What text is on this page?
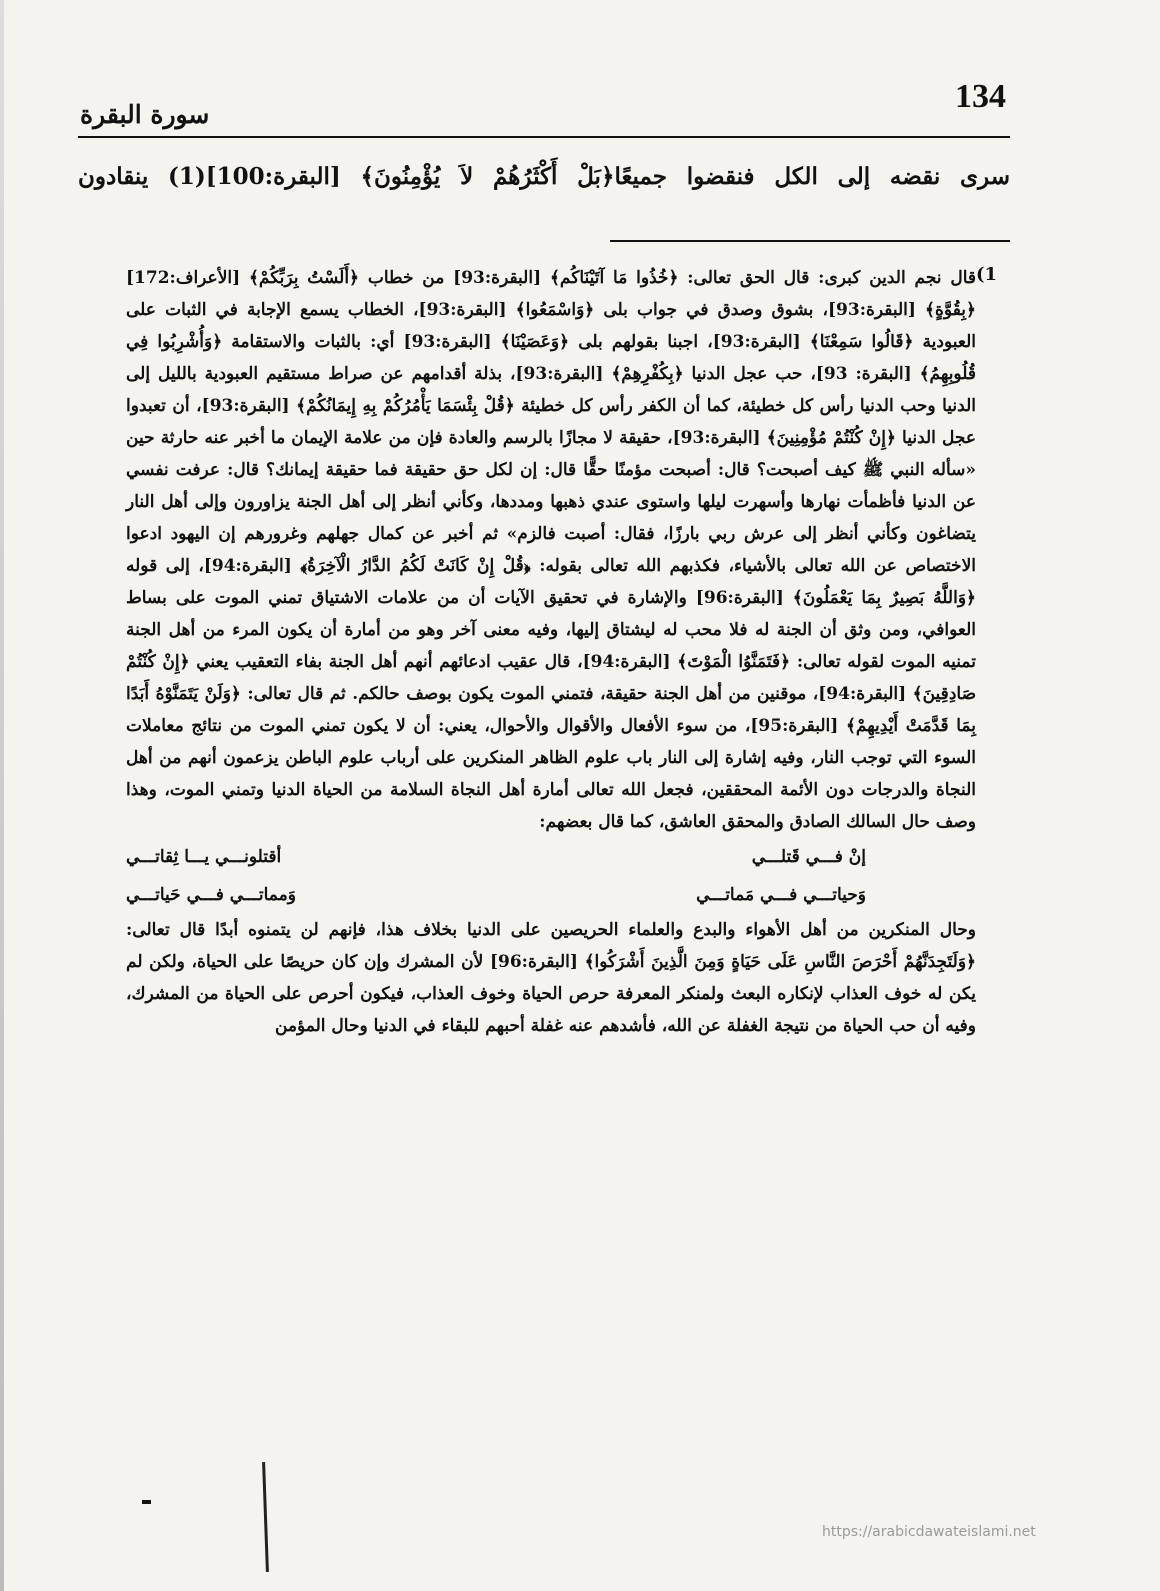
134
سورة البقرة
سرى نقضه إلى الكل فنقضوا جميعًا﴿بَلْ أَكْثَرُهُمْ لاَ يُؤْمِنُونَ﴾ [البقرة:100](1) ينقادون
(1

قال نجم الدين كبرى: قال الحق تعالى: ﴿خُذُوا مَا آتَيْنَاكُم﴾ [البقرة:93] من خطاب ﴿أَلَسْتُ بِرَبِّكُمْ﴾ [الأعراف:172] ﴿بِقُوَّةٍ﴾ [البقرة:93]، بشوق وصدق في جواب بلى ﴿وَاسْمَعُوا﴾ [البقرة:93]، الخطاب يسمع الإجابة في الثبات على العبودية ﴿قَالُوا سَمِعْنَا﴾ [البقرة:93]، اجبنا بقولهم بلى ﴿وَعَصَيْنَا﴾ [البقرة:93] أي: بالثبات والاستقامة ﴿وَأُشْرِبُوا فِي قُلُوبِهِمُ﴾ [البقرة: 93]، حب عجل الدنيا ﴿بِكُفْرِهِمْ﴾ [البقرة:93]، بذلة أقدامهم عن صراط مستقيم العبودية بالليل إلى الدنيا وحب الدنيا رأس كل خطيئة، كما أن الكفر رأس كل خطيئة ﴿قُلْ بِئْسَمَا يَأْمُرُكُمْ بِهِ إِيمَانُكُمْ﴾ [البقرة:93]، أن تعبدوا عجل الدنيا ﴿إِنْ كُنْتُمْ مُؤْمِنِينَ﴾ [البقرة:93]، حقيقة لا مجازًا بالرسم والعادة فإن من علامة الإيمان ما أخبر عنه حارثة حين «سأله النبي ﷺ كيف أصبحت؟ قال: أصبحت مؤمنًا حقًّا قال: إن لكل حق حقيقة فما حقيقة إيمانك؟ قال: عرفت نفسي عن الدنيا فأظمأت نهارها وأسهرت ليلها واستوى عندي ذهبها ومددها، وكأني أنظر إلى أهل الجنة يزاورون وإلى أهل النار يتضاغون وكأني أنظر إلى عرش ربي بارزًا، فقال: أصبت فالزم» ثم أخبر عن كمال جهلهم وغرورهم إن اليهود ادعوا الاختصاص عن الله تعالى بالأشياء، فكذبهم الله تعالى بقوله: ﴿قُلْ إِنْ كَانَتْ لَكُمُ الدَّارُ الْآخِرَةُ﴾ [البقرة:94]، إلى قوله ﴿وَاللَّهُ بَصِيرٌ بِمَا يَعْمَلُونَ﴾ [البقرة:96] والإشارة في تحقيق الآيات أن من علامات الاشتياق تمني الموت على بساط العوافي، ومن وثق أن الجنة له فلا محب له ليشتاق إليها، وفيه معنى آخر وهو من أمارة أن يكون المرء من أهل الجنة تمنيه الموت لقوله تعالى: ﴿فَتَمَنَّوُا الْمَوْتَ﴾ [البقرة:94]، قال عقيب ادعائهم أنهم أهل الجنة بفاء التعقيب يعني ﴿إِنْ كُنْتُمْ صَادِقِينَ﴾ [البقرة:94]، موقنين من أهل الجنة حقيقة، فتمني الموت يكون بوصف حالكم. ثم قال تعالى: ﴿وَلَنْ يَتَمَنَّوْهُ أَبَدًا بِمَا قَدَّمَتْ أَيْدِيهِمْ﴾ [البقرة:95]، من سوء الأفعال والأقوال والأحوال، يعني: أن لا يكون تمني الموت من نتائج معاملات السوء التي توجب النار، وفيه إشارة إلى النار باب علوم الظاهر المنكرين على أرباب علوم الباطن يزعمون أنهم من أهل النجاة والدرجات دون الأئمة المحققين، فجعل الله تعالى أمارة أهل النجاة السلامة من الحياة الدنيا وتمني الموت، وهذا وصف حال السالك الصادق والمحقق العاشق، كما قال بعضهم:

إنْ فـــي قَتلـــي
أقتلونـــي يـــا ثِقاتـــي
وَحياتـــي فـــي مَماتـــي
وَمماتـــي فـــي حَياتـــي

وحال المنكرين من أهل الأهواء والبدع والعلماء الحريصين على الدنيا بخلاف هذا، فإنهم لن يتمنوه أبدًا قال تعالى: ﴿وَلَتَجِدَنَّهُمْ أَحْرَصَ النَّاسِ عَلَى حَيَاةٍ وَمِنَ الَّذِينَ أَشْرَكُوا﴾ [البقرة:96] لأن المشرك وإن كان حريصًا على الحياة، ولكن لم يكن له خوف العذاب لإنكاره البعث ولمنكر المعرفة حرص الحياة وخوف العذاب، فيكون أحرص على الحياة من المشرك، وفيه أن حب الحياة من نتيجة الغفلة عن الله، فأشدهم عنه غفلة أحبهم للبقاء في الدنيا وحال المؤمن

https://arabicdawateislami.net
